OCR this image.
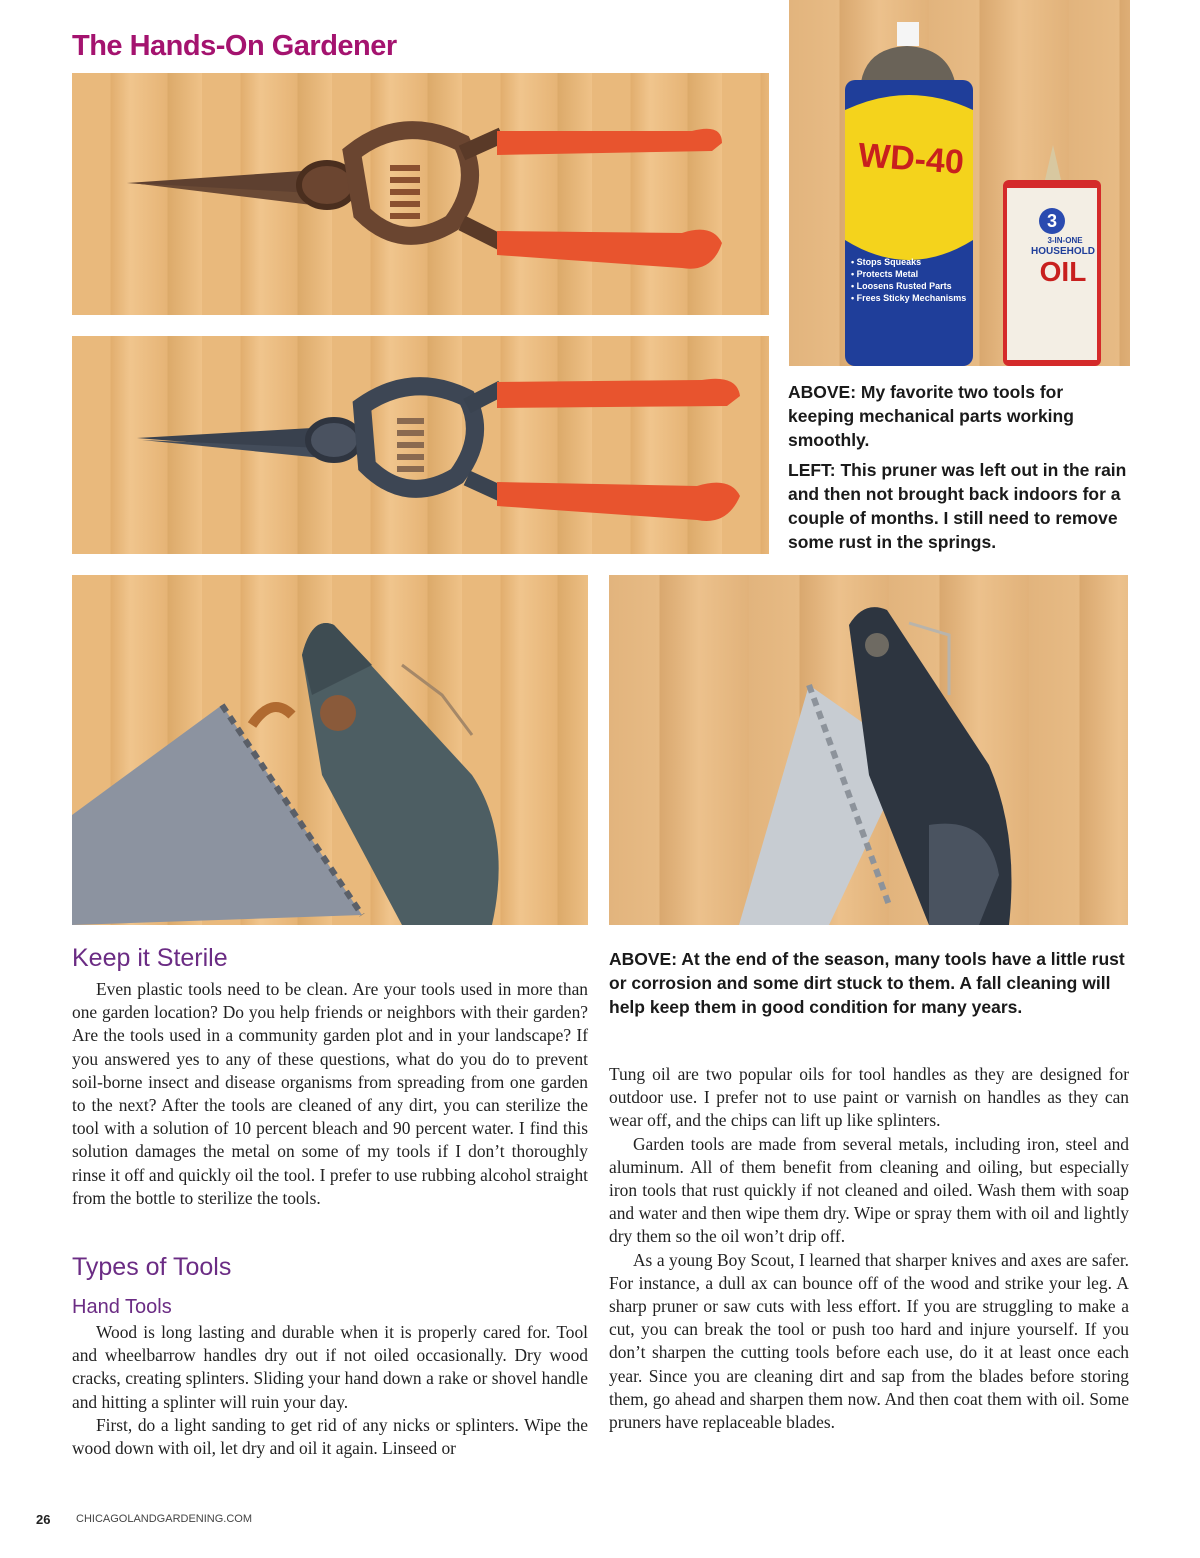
The Hands-On Gardener
WD-40
• Stops Squeaks
• Protects Metal
• Loosens Rusted Parts
• Frees Sticky Mechanisms
3
3-IN-ONE
HOUSEHOLD
OIL
ABOVE: My favorite two tools for keeping mechanical parts working smoothly.
LEFT: This pruner was left out in the rain and then not brought back indoors for a couple of months. I still need to remove some rust in the springs.
Keep it Sterile

Even plastic tools need to be clean. Are your tools used in more than one garden location? Do you help friends or neighbors with their garden? Are the tools used in a community garden plot and in your landscape? If you answered yes to any of these questions, what do you do to prevent soil-borne insect and disease organisms from spreading from one garden to the next? After the tools are cleaned of any dirt, you can sterilize the tool with a solution of 10 percent bleach and 90 percent water. I find this solution damages the metal on some of my tools if I don’t thoroughly rinse it off and quickly oil the tool. I prefer to use rubbing alcohol straight from the bottle to sterilize the tools.

Types of Tools
Hand Tools

Wood is long lasting and durable when it is properly cared for. Tool and wheelbarrow handles dry out if not oiled occasionally. Dry wood cracks, creating splinters. Sliding your hand down a rake or shovel handle and hitting a splinter will ruin your day.

First, do a light sanding to get rid of any nicks or splinters. Wipe the wood down with oil, let dry and oil it again. Linseed or

ABOVE: At the end of the season, many tools have a little rust or corrosion and some dirt stuck to them. A fall cleaning will help keep them in good condition for many years.

Tung oil are two popular oils for tool handles as they are designed for outdoor use. I prefer not to use paint or varnish on handles as they can wear off, and the chips can lift up like splinters.

Garden tools are made from several metals, including iron, steel and aluminum. All of them benefit from cleaning and oiling, but especially iron tools that rust quickly if not cleaned and oiled. Wash them with soap and water and then wipe them dry. Wipe or spray them with oil and lightly dry them so the oil won’t drip off.

As a young Boy Scout, I learned that sharper knives and axes are safer. For instance, a dull ax can bounce off of the wood and strike your leg. A sharp pruner or saw cuts with less effort. If you are struggling to make a cut, you can break the tool or push too hard and injure yourself. If you don’t sharpen the cutting tools before each use, do it at least once each year. Since you are cleaning dirt and sap from the blades before storing them, go ahead and sharpen them now. And then coat them with oil. Some pruners have replaceable blades.

26 CHICAGOLANDGARDENING.COM
